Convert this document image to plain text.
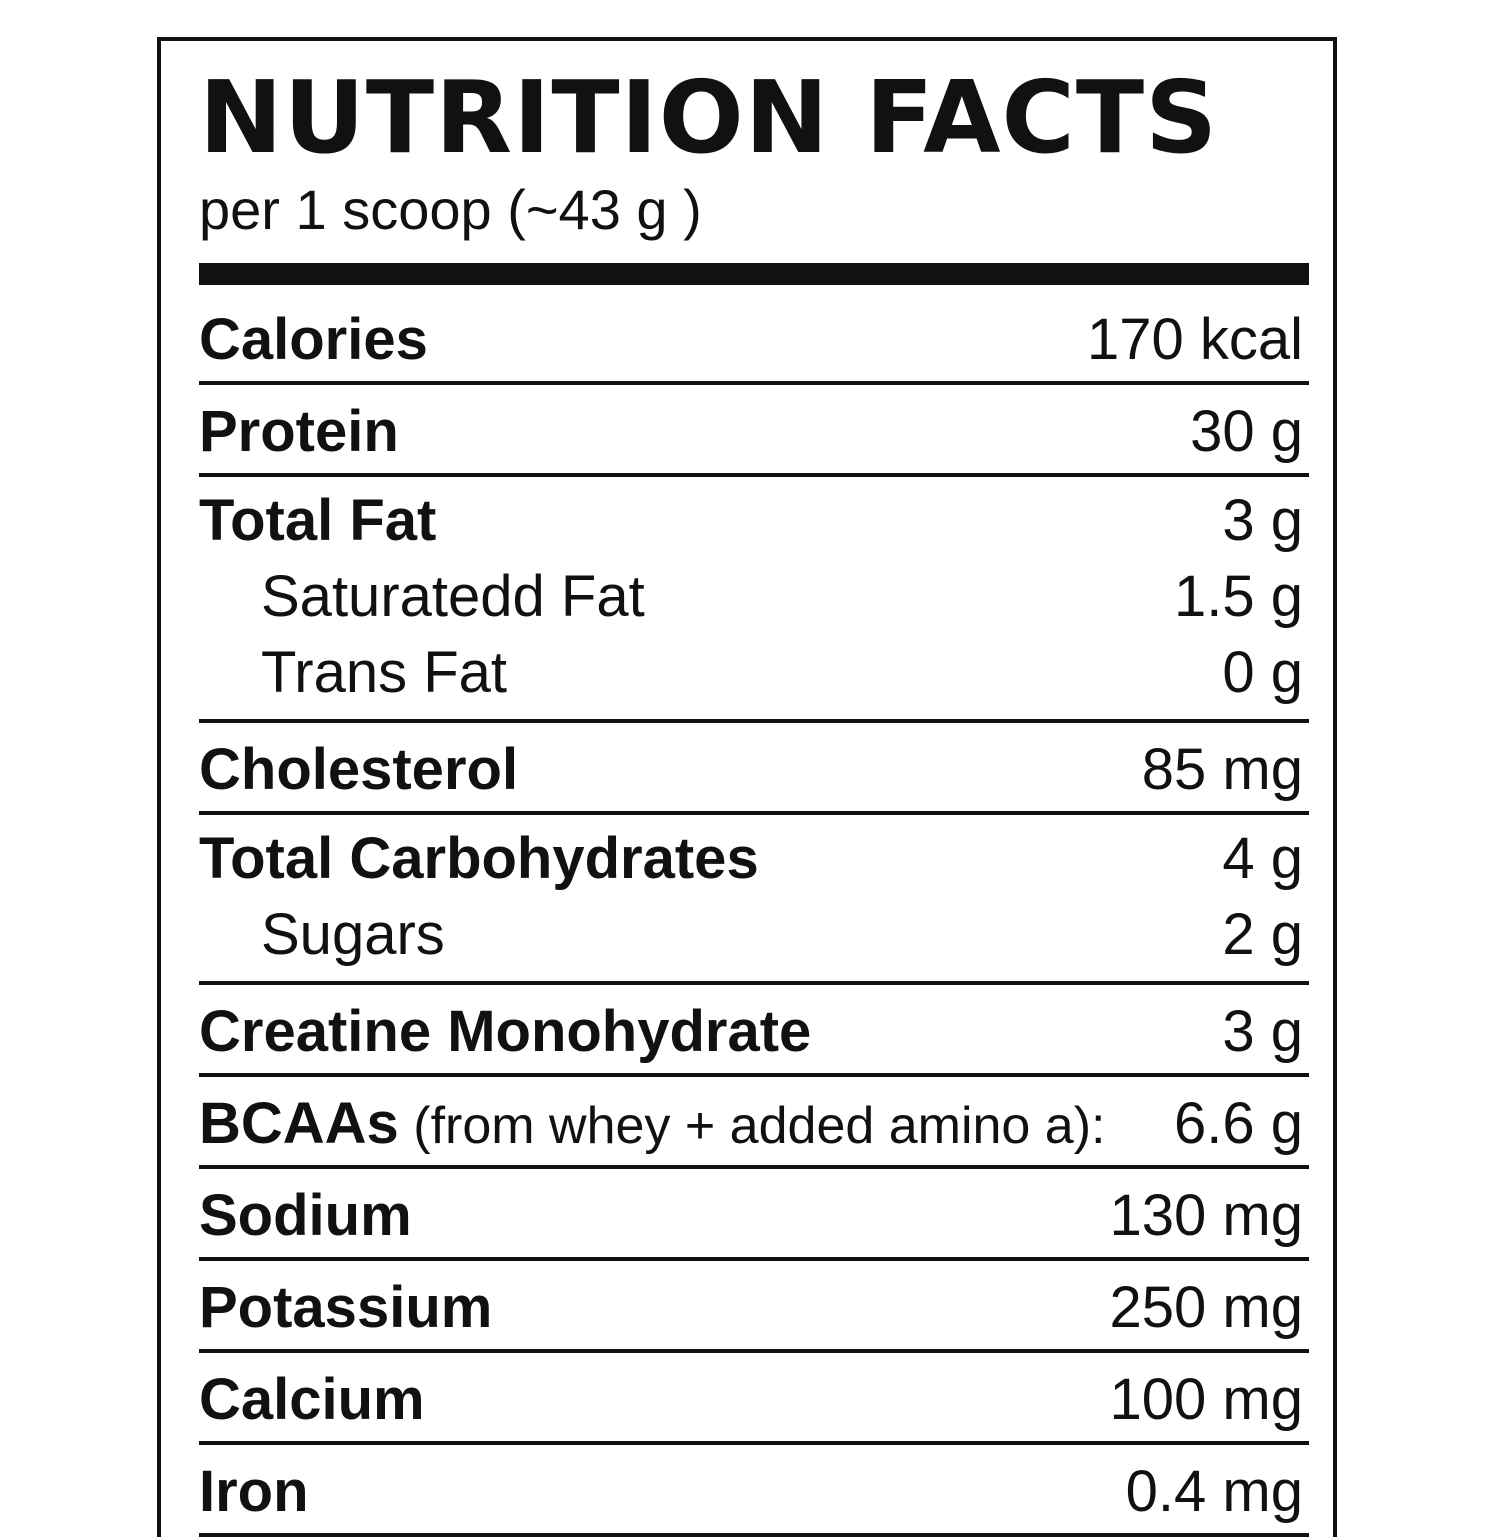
NUTRITION FACTS
per 1 scoop (~43 g )
Calories	170 kcal
Protein	30 g
Total Fat	3 g
Saturatedd Fat	1.5 g
Trans Fat	0 g
Cholesterol	85 mg
Total Carbohydrates	4 g
Sugars	2 g
Creatine Monohydrate	3 g
BCAAs (from whey + added amino a): 6.6 g
Sodium	130 mg
Potassium	250 mg
Calcium	100 mg
Iron	0.4 mg
